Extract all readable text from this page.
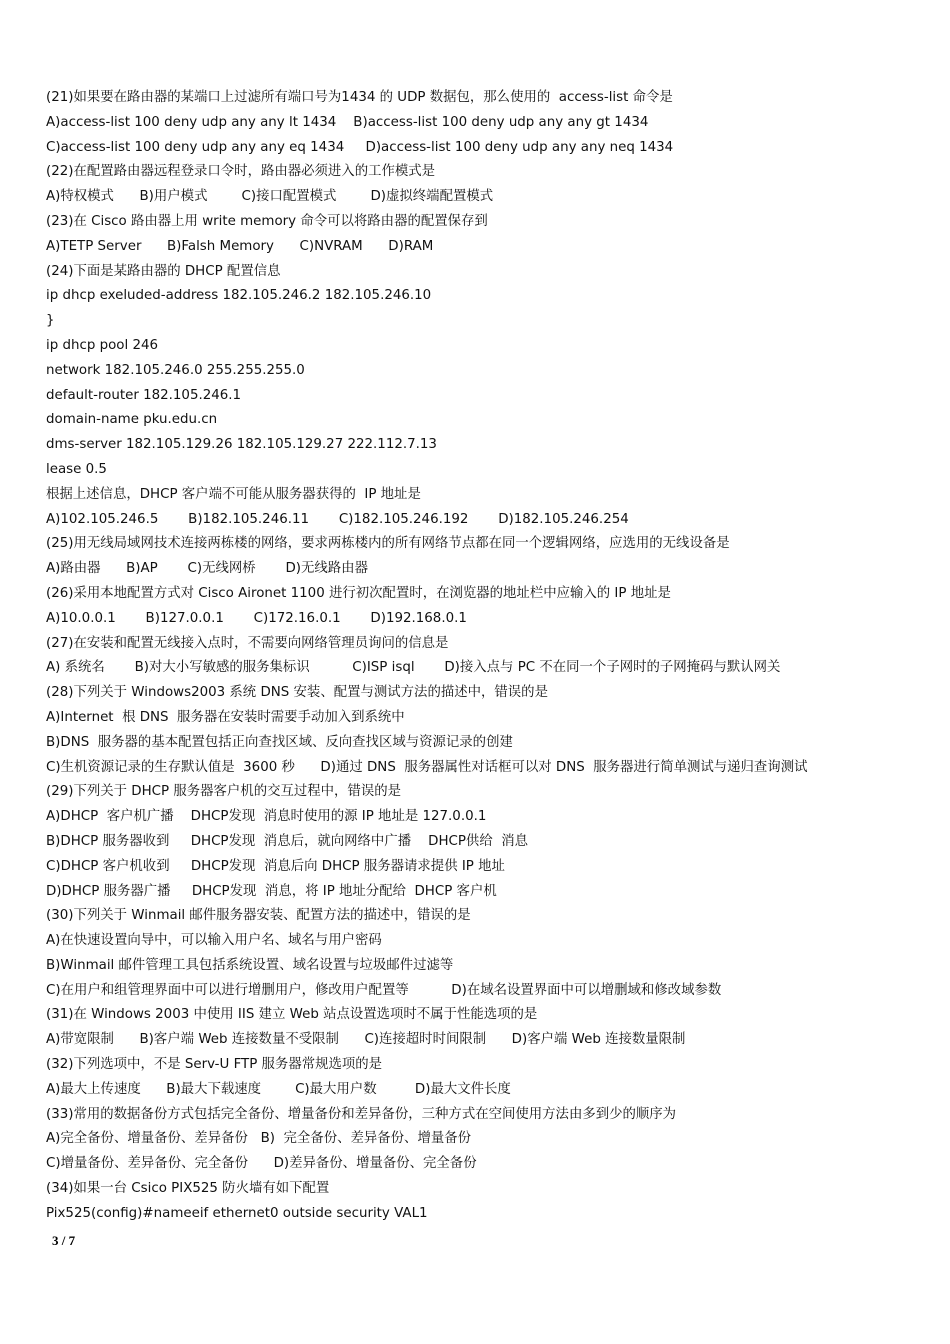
(21)如果要在路由器的某端口上过滤所有端口号为1434 的 UDP 数据包，那么使用的  access-list 命令是
A)access-list 100 deny udp any any lt 1434    B)access-list 100 deny udp any any gt 1434
C)access-list 100 deny udp any any eq 1434     D)access-list 100 deny udp any any neq 1434
(22)在配置路由器远程登录口令时，路由器必须进入的工作模式是
A)特权模式      B)用户模式        C)接口配置模式        D)虚拟终端配置模式
(23)在 Cisco 路由器上用 write memory 命令可以将路由器的配置保存到
A)TETP Server      B)Falsh Memory      C)NVRAM      D)RAM
(24)下面是某路由器的 DHCP 配置信息
ip dhcp exeluded-address 182.105.246.2 182.105.246.10
}
ip dhcp pool 246
network 182.105.246.0 255.255.255.0
default-router 182.105.246.1
domain-name pku.edu.cn
dms-server 182.105.129.26 182.105.129.27 222.112.7.13
lease 0.5
根据上述信息，DHCP 客户端不可能从服务器获得的  IP 地址是
A)102.105.246.5       B)182.105.246.11       C)182.105.246.192       D)182.105.246.254
(25)用无线局域网技术连接两栋楼的网络，要求两栋楼内的所有网络节点都在同一个逻辑网络，应选用的无线设备是
A)路由器      B)AP       C)无线网桥       D)无线路由器
(26)采用本地配置方式对 Cisco Aironet 1100 进行初次配置时，在浏览器的地址栏中应输入的 IP 地址是
A)10.0.0.1       B)127.0.0.1       C)172.16.0.1       D)192.168.0.1
(27)在安装和配置无线接入点时，不需要向网络管理员询问的信息是
A) 系统名       B)对大小写敏感的服务集标识          C)ISP isql       D)接入点与 PC 不在同一个子网时的子网掩码与默认网关
(28)下列关于 Windows2003 系统 DNS 安装、配置与测试方法的描述中，错误的是
A)Internet  根 DNS  服务器在安装时需要手动加入到系统中
B)DNS  服务器的基本配置包括正向查找区域、反向查找区域与资源记录的创建
C)生机资源记录的生存默认值是  3600 秒      D)通过 DNS  服务器属性对话框可以对 DNS  服务器进行简单测试与递归查询测试
(29)下列关于 DHCP 服务器客户机的交互过程中，错误的是
A)DHCP  客户机广播    DHCP发现  消息时使用的源 IP 地址是 127.0.0.1
B)DHCP 服务器收到     DHCP发现  消息后，就向网络中广播    DHCP供给  消息
C)DHCP 客户机收到     DHCP发现  消息后向 DHCP 服务器请求提供 IP 地址
D)DHCP 服务器广播     DHCP发现  消息，将 IP 地址分配给  DHCP 客户机
(30)下列关于 Winmail 邮件服务器安装、配置方法的描述中，错误的是
A)在快速设置向导中，可以输入用户名、域名与用户密码
B)Winmail 邮件管理工具包括系统设置、域名设置与垃圾邮件过滤等
C)在用户和组管理界面中可以进行增删用户，修改用户配置等          D)在域名设置界面中可以增删域和修改域参数
(31)在 Windows 2003 中使用 IIS 建立 Web 站点设置选项时不属于性能选项的是
A)带宽限制      B)客户端 Web 连接数量不受限制      C)连接超时时间限制      D)客户端 Web 连接数量限制
(32)下列选项中，不是 Serv-U FTP 服务器常规选项的是
A)最大上传速度      B)最大下载速度        C)最大用户数         D)最大文件长度
(33)常用的数据备份方式包括完全备份、增量备份和差异备份，三种方式在空间使用方法由多到少的顺序为
A)完全备份、增量备份、差异备份   B)  完全备份、差异备份、增量备份
C)增量备份、差异备份、完全备份      D)差异备份、增量备份、完全备份
(34)如果一台 Csico PIX525 防火墙有如下配置
Pix525(config)#nameeif ethernet0 outside security VAL1
3 / 7
